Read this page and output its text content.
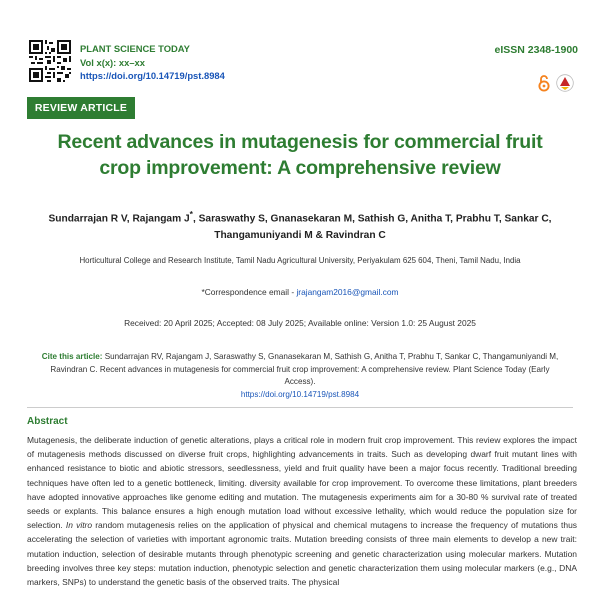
PLANT SCIENCE TODAY
Vol x(x): xx–xx
https://doi.org/10.14719/pst.8984
eISSN 2348-1900
REVIEW ARTICLE
Recent advances in mutagenesis for commercial fruit crop improvement: A comprehensive review
Sundarrajan R V, Rajangam J*, Saraswathy S, Gnanasekaran M, Sathish G, Anitha T, Prabhu T, Sankar C,
Thangamuniyandi M & Ravindran C
Horticultural College and Research Institute, Tamil Nadu Agricultural University, Periyakulam 625 604, Theni, Tamil Nadu, India
*Correspondence email - jrajangam2016@gmail.com
Received: 20 April 2025; Accepted: 08 July 2025; Available online: Version 1.0: 25 August 2025
Cite this article: Sundarrajan RV, Rajangam J, Saraswathy S, Gnanasekaran M, Sathish G, Anitha T, Prabhu T, Sankar C, Thangamuniyandi M, Ravindran C. Recent advances in mutagenesis for commercial fruit crop improvement: A comprehensive review. Plant Science Today (Early Access).
https://doi.org/10.14719/pst.8984
Abstract
Mutagenesis, the deliberate induction of genetic alterations, plays a critical role in modern fruit crop improvement. This review explores the impact of mutagenesis methods discussed on diverse fruit crops, highlighting advancements in traits. Such as developing dwarf fruit mutant lines with enhanced resistance to biotic and abiotic stressors, seedlessness, yield and fruit quality have been a major focus recently. Traditional breeding techniques have often led to a genetic bottleneck, limiting. diversity available for crop improvement. To overcome these limitations, plant breeders have adopted innovative approaches like genome editing and mutation. The mutagenesis experiments aim for a 30-80 % survival rate of treated seeds or explants. This balance ensures a high enough mutation load without excessive lethality, which would reduce the population size for selection. In vitro random mutagenesis relies on the application of physical and chemical mutagens to increase the frequency of mutations thus accelerating the selection of varieties with important agronomic traits. Mutation breeding consists of three main elements to develop a new trait: mutation induction, selection of desirable mutants through phenotypic screening and genetic characterization using molecular markers. Mutation breeding involves three key steps: mutation induction, phenotypic selection and genetic characterization them using molecular markers (e.g., DNA markers, SNPs) to understand the genetic basis of the observed traits. The physical
